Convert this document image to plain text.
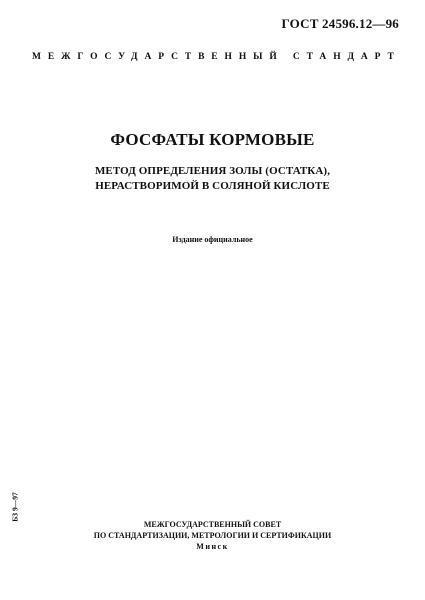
ГОСТ 24596.12—96
МЕЖГОСУДАРСТВЕННЫЙ СТАНДАРТ
ФОСФАТЫ КОРМОВЫЕ
МЕТОД ОПРЕДЕЛЕНИЯ ЗОЛЫ (ОСТАТКА),
НЕРАСТВОРИМОЙ В СОЛЯНОЙ КИСЛОТЕ
Издание официальное
БЗ 9—97
МЕЖГОСУДАРСТВЕННЫЙ СОВЕТ
ПО СТАНДАРТИЗАЦИИ, МЕТРОЛОГИИ И СЕРТИФИКАЦИИ
Минск
